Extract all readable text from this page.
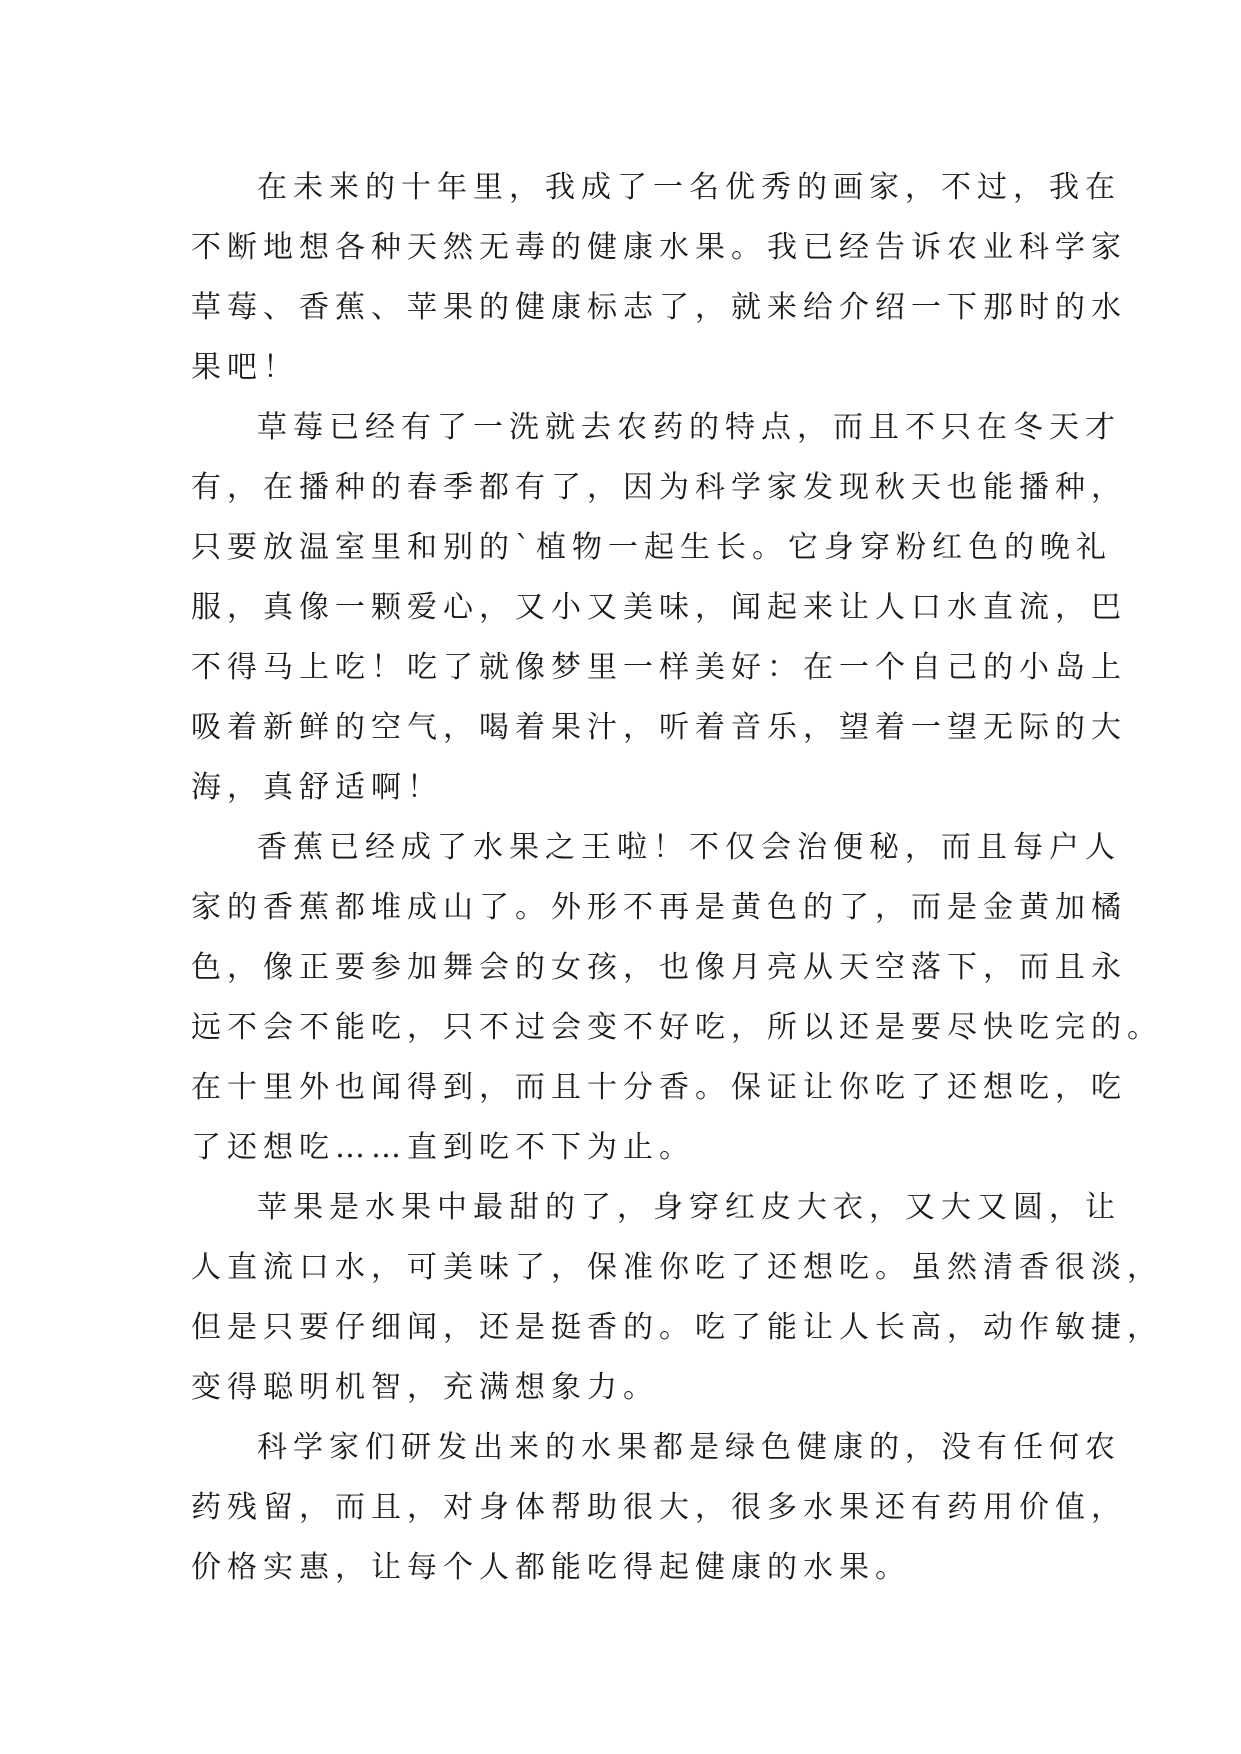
在未来的十年里，我成了一名优秀的画家，不过，我在

不断地想各种天然无毒的健康水果。我已经告诉农业科学家

草莓、香蕉、苹果的健康标志了，就来给介绍一下那时的水

果吧！

草莓已经有了一洗就去农药的特点，而且不只在冬天才

有，在播种的春季都有了，因为科学家发现秋天也能播种，

只要放温室里和别的`植物一起生长。它身穿粉红色的晚礼

服，真像一颗爱心，又小又美味，闻起来让人口水直流，巴

不得马上吃！吃了就像梦里一样美好：在一个自己的小岛上

吸着新鲜的空气，喝着果汁，听着音乐，望着一望无际的大

海，真舒适啊！

香蕉已经成了水果之王啦！不仅会治便秘，而且每户人

家的香蕉都堆成山了。外形不再是黄色的了，而是金黄加橘

色，像正要参加舞会的女孩，也像月亮从天空落下，而且永

远不会不能吃，只不过会变不好吃，所以还是要尽快吃完的。

在十里外也闻得到，而且十分香。保证让你吃了还想吃，吃

了还想吃……直到吃不下为止。

苹果是水果中最甜的了，身穿红皮大衣，又大又圆，让

人直流口水，可美味了，保准你吃了还想吃。虽然清香很淡，

但是只要仔细闻，还是挺香的。吃了能让人长高，动作敏捷，

变得聪明机智，充满想象力。

科学家们研发出来的水果都是绿色健康的，没有任何农

药残留，而且，对身体帮助很大，很多水果还有药用价值，

价格实惠，让每个人都能吃得起健康的水果。
